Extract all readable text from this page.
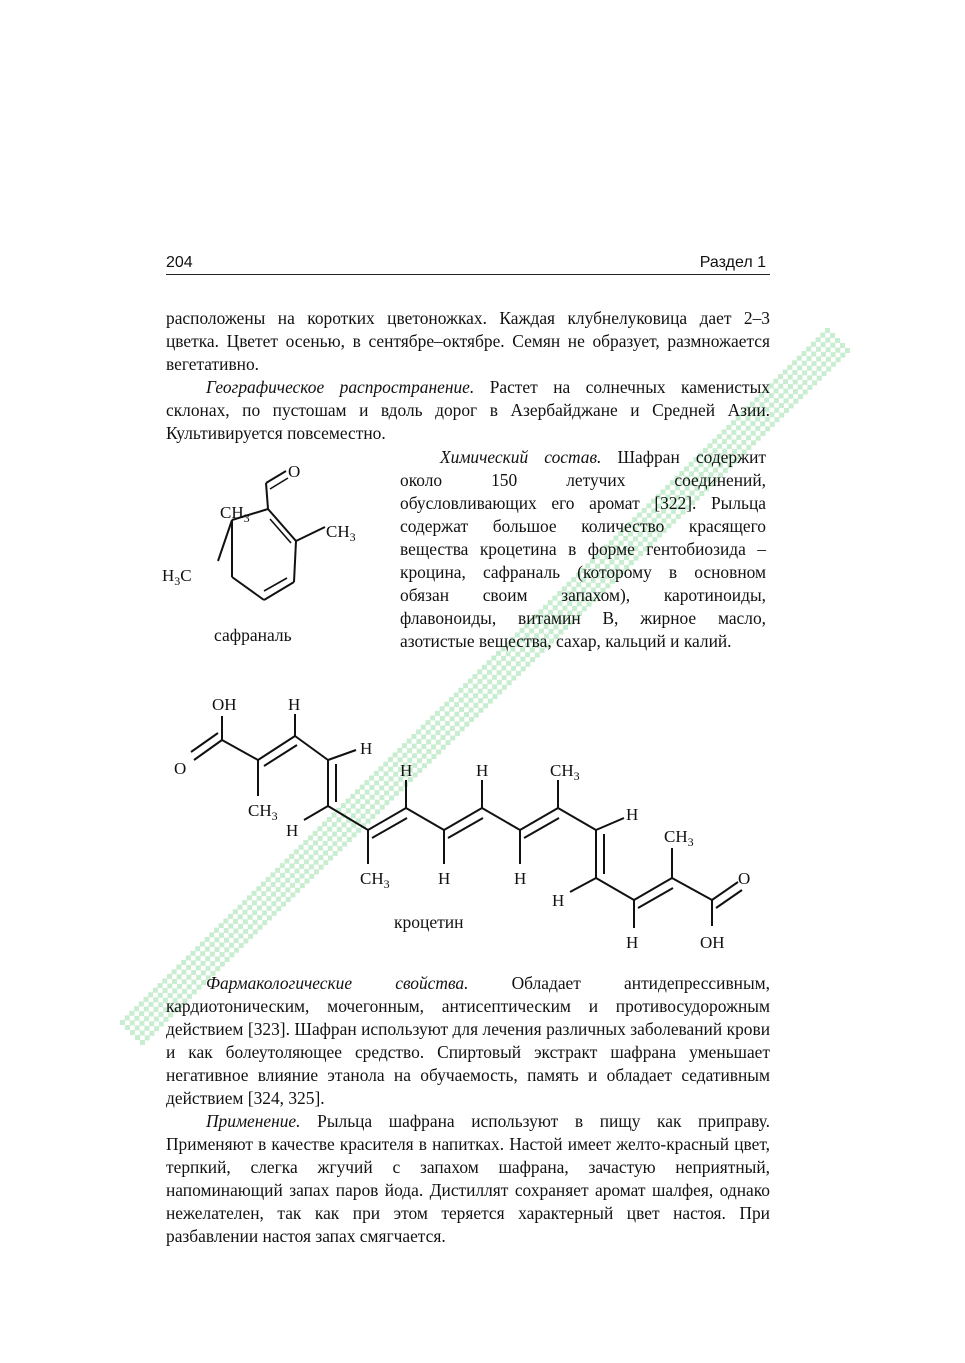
204	Раздел 1

расположены на коротких цветоножках. Каждая клубнелуковица дает 2–3 цветка. Цветет осенью, в сентябре–октябре. Семян не образует, размножается вегетативно.

Географическое распространение. Растет на солнечных каменистых склонах, по пустошам и вдоль дорог в Азербайджане и Средней Азии. Культивируется повсеместно.

O
$CH_3$
$CH_3$
$H_3C$
сафраналь

Химический состав. Шафран содержит около 150 летучих соединений, обусловливающих его аромат [322]. Рыльца содержат большое количество красящего вещества кроцетина в форме гентобиозида – кроцина, сафраналь (которому в основном обязан своим запахом), каротиноиды, флавоноиды, витамин B, жирное масло, азотистые вещества, сахар, кальций и калий.

OH
O
H
H
$CH_3$
H
H
$CH_3$	H
H
H
$CH_3$
H
H
H
$CH_3$
O
OH
кроцетин

Фармакологические свойства. Обладает антидепрессивным, кардиотоническим, мочегонным, антисептическим и противосудорожным действием [323]. Шафран используют для лечения различных заболеваний крови и как болеутоляющее средство. Спиртовый экстракт шафрана уменьшает негативное влияние этанола на обучаемость, память и обладает седативным действием [324, 325].

Применение. Рыльца шафрана используют в пищу как приправу. Применяют в качестве красителя в напитках. Настой имеет желто-красный цвет, терпкий, слегка жгучий с запахом шафрана, зачастую неприятный, напоминающий запах паров йода. Дистиллят сохраняет аромат шалфея, однако нежелателен, так как при этом теряется характерный цвет настоя. При разбавлении настоя запах смягчается.
